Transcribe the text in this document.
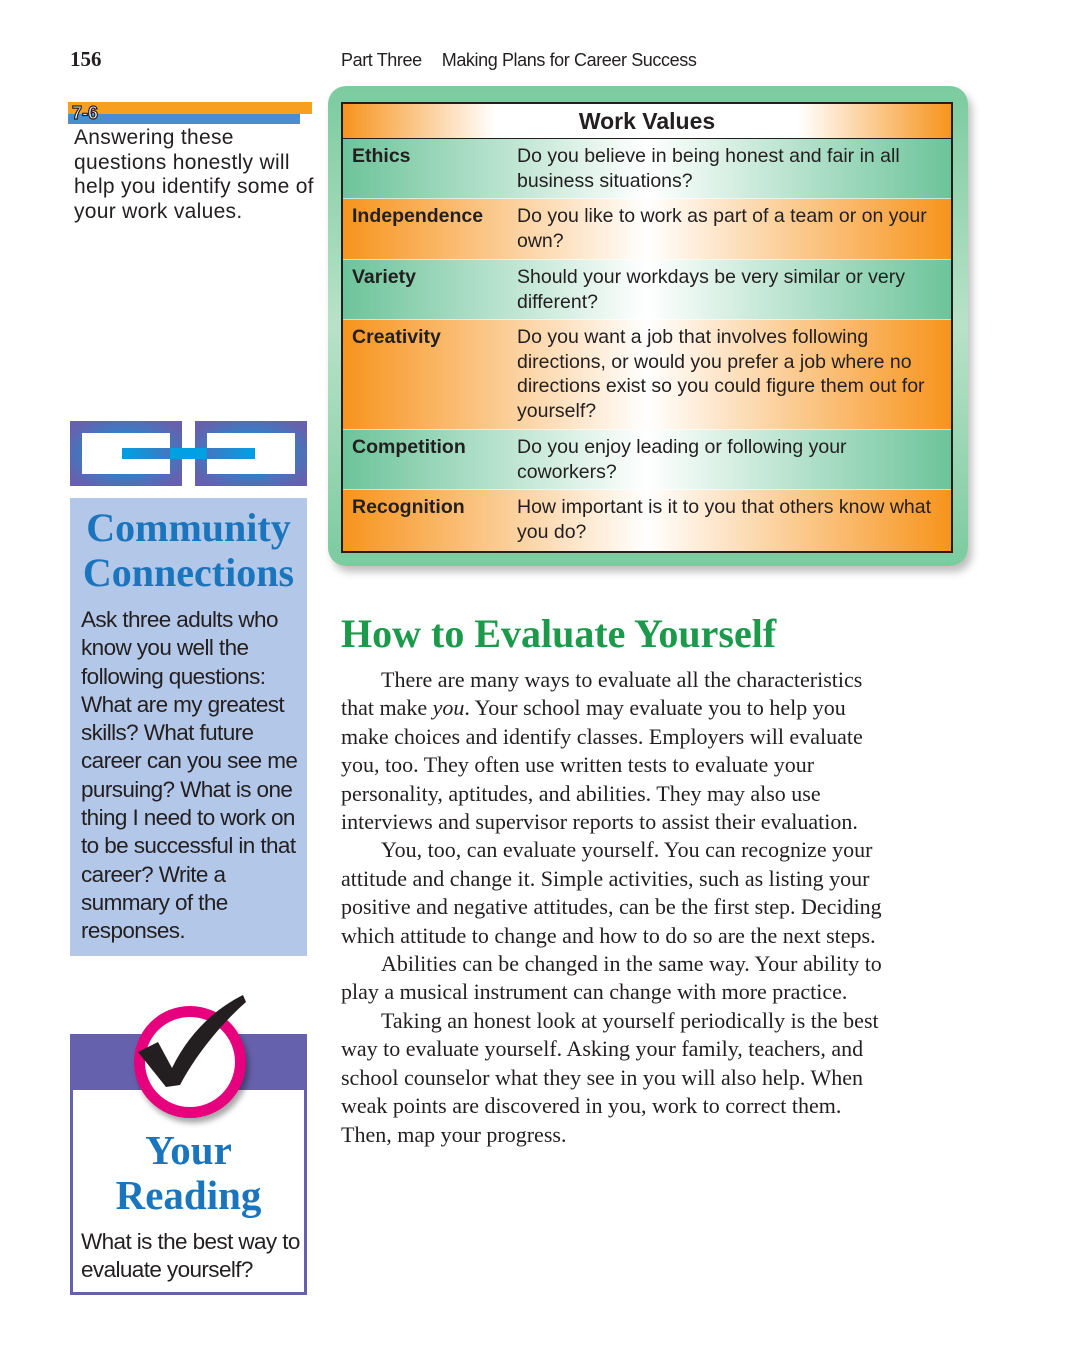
156	Part Three Making Plans for Career Success
7-6
Answering these questions honestly will help you identify some of your work values.
Work Values
Ethics	Do you believe in being honest and fair in all business situations?
Independence	Do you like to work as part of a team or on your own?
Variety	Should your workdays be very similar or very different?
Creativity	Do you want a job that involves following directions, or would you prefer a job where no directions exist so you could figure them out for yourself?
Competition	Do you enjoy leading or following your coworkers?
Recognition	How important is it to you that others know what you do?
Community
Connections
Ask three adults who know you well the following questions: What are my greatest skills? What future career can you see me pursuing? What is one thing I need to work on to be successful in that career? Write a summary of the responses.
Your
Reading
What is the best way to evaluate yourself?
How to Evaluate Yourself
There are many ways to evaluate all the characteristics
that make you. Your school may evaluate you to help you
make choices and identify classes. Employers will evaluate
you, too. They often use written tests to evaluate your
personality, aptitudes, and abilities. They may also use
interviews and supervisor reports to assist their evaluation.
You, too, can evaluate yourself. You can recognize your
attitude and change it. Simple activities, such as listing your
positive and negative attitudes, can be the first step. Deciding
which attitude to change and how to do so are the next steps.
Abilities can be changed in the same way. Your ability to
play a musical instrument can change with more practice.
Taking an honest look at yourself periodically is the best
way to evaluate yourself. Asking your family, teachers, and
school counselor what they see in you will also help. When
weak points are discovered in you, work to correct them.
Then, map your progress.
